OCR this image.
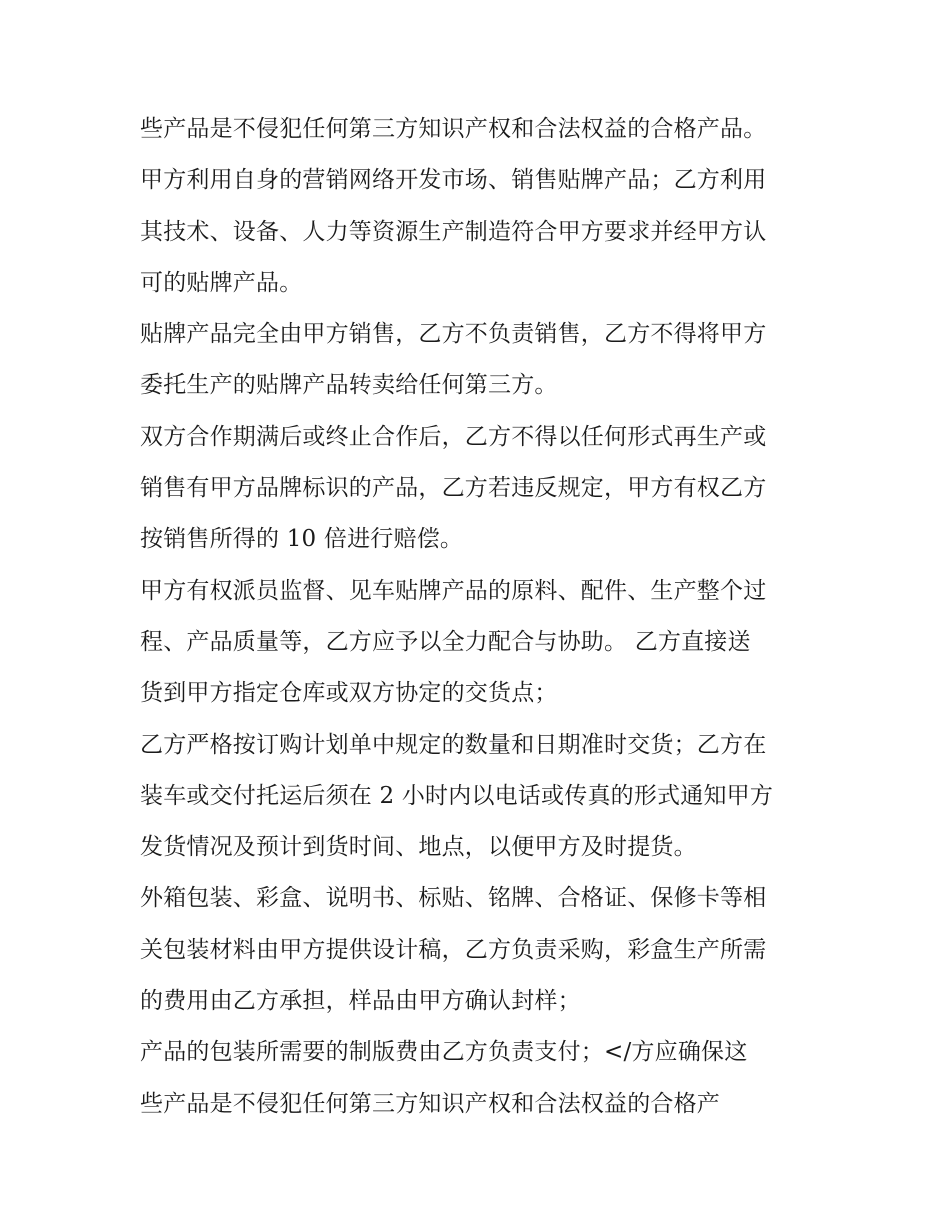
些产品是不侵犯任何第三方知识产权和合法权益的合格产品。
甲方利用自身的营销网络开发市场、销售贴牌产品；乙方利用
其技术、设备、人力等资源生产制造符合甲方要求并经甲方认
可的贴牌产品。
贴牌产品完全由甲方销售，乙方不负责销售，乙方不得将甲方
委托生产的贴牌产品转卖给任何第三方。
双方合作期满后或终止合作后，乙方不得以任何形式再生产或
销售有甲方品牌标识的产品，乙方若违反规定，甲方有权乙方
按销售所得的 10 倍进行赔偿。
甲方有权派员监督、见车贴牌产品的原料、配件、生产整个过
程、产品质量等，乙方应予以全力配合与协助。 乙方直接送
货到甲方指定仓库或双方协定的交货点；
乙方严格按订购计划单中规定的数量和日期准时交货；乙方在
装车或交付托运后须在 2 小时内以电话或传真的形式通知甲方
发货情况及预计到货时间、地点，以便甲方及时提货。
外箱包装、彩盒、说明书、标贴、铭牌、合格证、保修卡等相
关包装材料由甲方提供设计稿，乙方负责采购，彩盒生产所需
的费用由乙方承担，样品由甲方确认封样；
产品的包装所需要的制版费由乙方负责支付；</方应确保这
些产品是不侵犯任何第三方知识产权和合法权益的合格产
